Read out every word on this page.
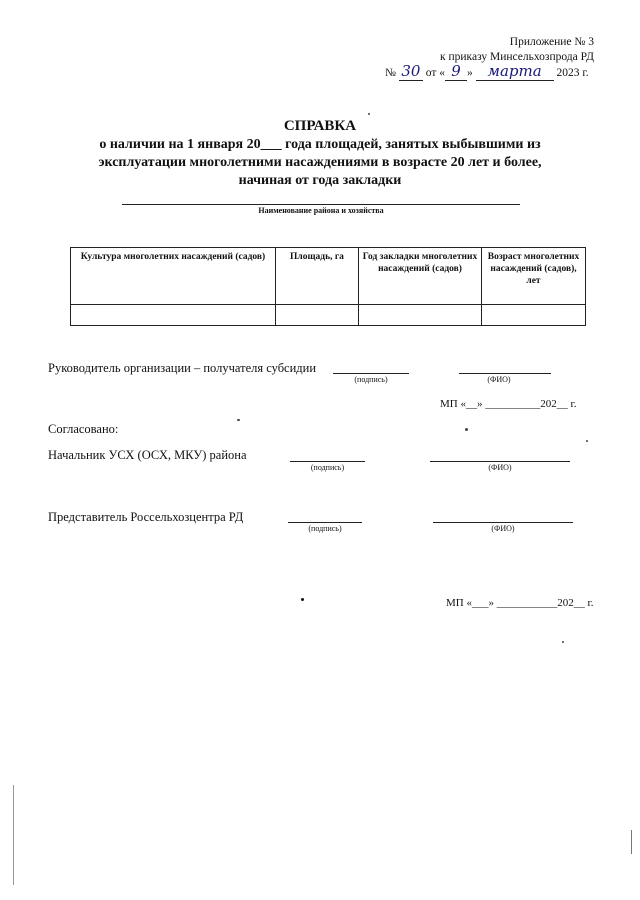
Приложение № 3
к приказу Минсельхозпрода РД
№ 30 от « 9 » марта 2023 г.
СПРАВКА
о наличии на 1 января 20___ года площадей, занятых выбывшими из
эксплуатации многолетними насаждениями в возрасте 20 лет и более,
начиная от года закладки
Наименование района и хозяйства
Культура многолетних насаждений (садов)	Площадь, га	Год закладки многолетних насаждений (садов)	Возраст многолетних насаждений (садов), лет

Руководитель организации – получателя субсидии
(подпись)	(ФИО)
МП «__» __________202__ г.
Согласовано:
Начальник УСХ (ОСХ, МКУ) района
(подпись)	(ФИО)
Представитель Россельхозцентра РД
(подпись)	(ФИО)
МП «___» ___________202__ г.
